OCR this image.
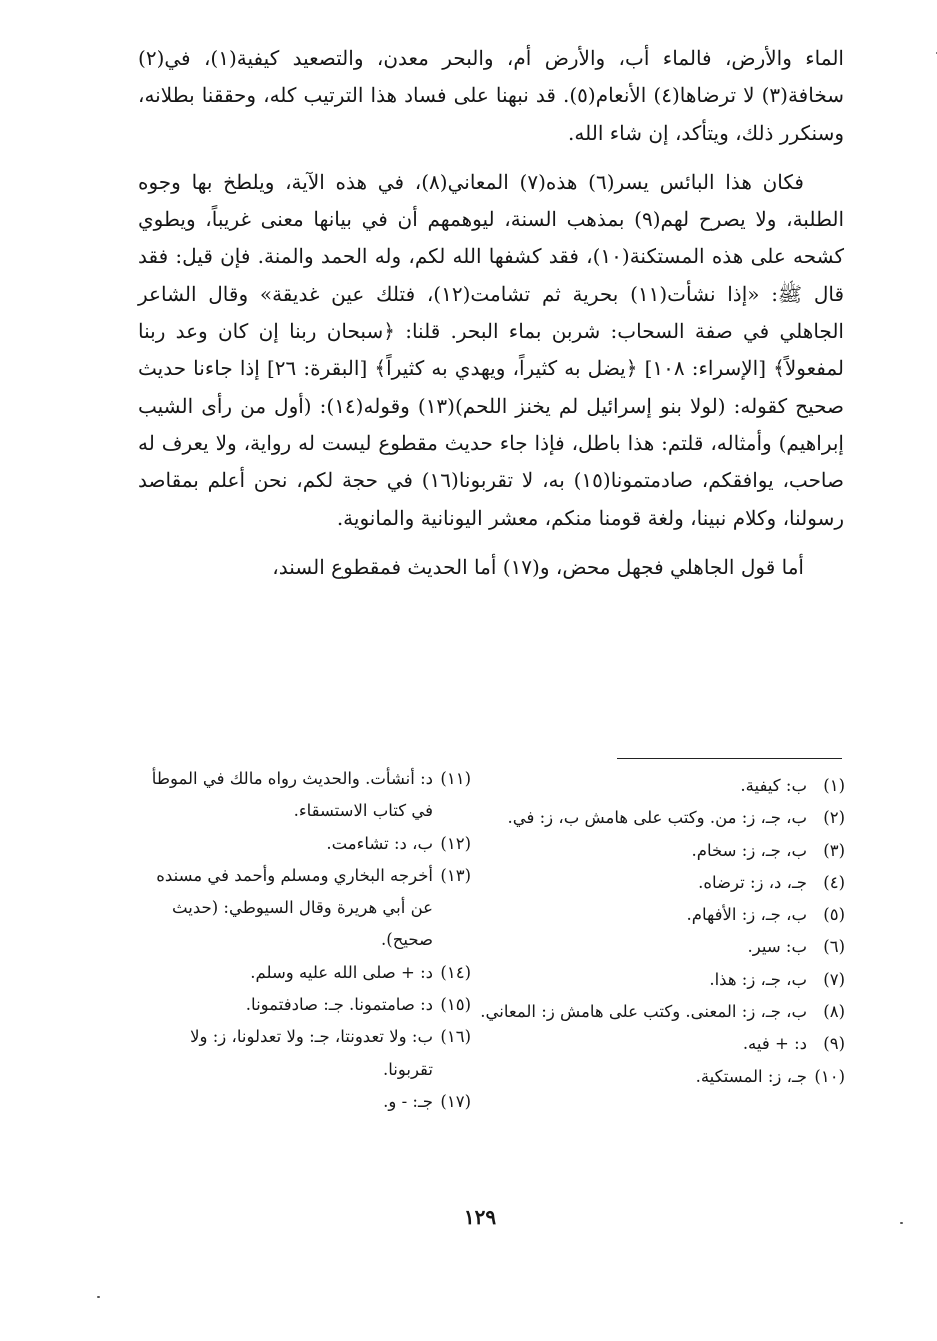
الماء والأرض، فالماء أب، والأرض أم، والبحر معدن، والتصعيد كيفية(١)، في(٢) سخافة(٣) لا ترضاها(٤) الأنعام(٥). قد نبهنا على فساد هذا الترتيب كله، وحققنا بطلانه، وسنكرر ذلك، ويتأكد، إن شاء الله.

فكان هذا البائس يسر(٦) هذه(٧) المعاني(٨)، في هذه الآية، ويلطخ بها وجوه الطلبة، ولا يصرح لهم(٩) بمذهب السنة، ليوهمهم أن في بيانها معنى غريباً، ويطوي كشحه على هذه المستكنة(١٠)، فقد كشفها الله لكم، وله الحمد والمنة. فإن قيل: فقد قال ﷺ: «إذا نشأت(١١) بحرية ثم تشامت(١٢)، فتلك عين غديقة» وقال الشاعر الجاهلي في صفة السحاب: شربن بماء البحر. قلنا: ﴿سبحان ربنا إن كان وعد ربنا لمفعولاً﴾ [الإسراء: ١٠٨] ﴿يضل به كثيراً، ويهدي به كثيراً﴾ [البقرة: ٢٦] إذا جاءنا حديث صحيح كقوله: (لولا بنو إسرائيل لم يخنز اللحم)(١٣) وقوله(١٤): (أول من رأى الشيب إبراهيم) وأمثاله، قلتم: هذا باطل، فإذا جاء حديث مقطوع ليست له رواية، ولا يعرف له صاحب، يوافقكم، صادمتمونا(١٥) به، لا تقربونا(١٦) في حجة لكم، نحن أعلم بمقاصد رسولنا، وكلام نبينا، ولغة قومنا منكم، معشر اليونانية والمانوية.

أما قول الجاهلي فجهل محض، و(١٧) أما الحديث فمقطوع السند،

(١)
ب: كيفية.
(٢)
ب، جـ، ز: من. وكتب على هامش ب، ز: في.
(٣)
ب، جـ، ز: سخام.
(٤)
جـ، د، ز: ترضاه.
(٥)
ب، جـ، ز: الأفهام.
(٦)
ب: سير.
(٧)
ب، جـ، ز: هذا.
(٨)
ب، جـ، ز: المعنى. وكتب على هامش ز: المعاني.
(٩)
د: + فيه.
(١٠)
جـ، ز: المستكية.
(١١)
د: أنشأت. والحديث رواه مالك في الموطأ في كتاب الاستسقاء.
(١٢)
ب، د: تشاءمت.
(١٣)
أخرجه البخاري ومسلم وأحمد في مسنده عن أبي هريرة وقال السيوطي: (حديث صحيح).
(١٤)
د: + صلى الله عليه وسلم.
(١٥)
د: صامتمونا. جـ: صادفتمونا.
(١٦)
ب: ولا تعدونتا، جـ: ولا تعدلونا، ز: ولا تقربونا.
(١٧)
جـ: - و.
١٢٩
